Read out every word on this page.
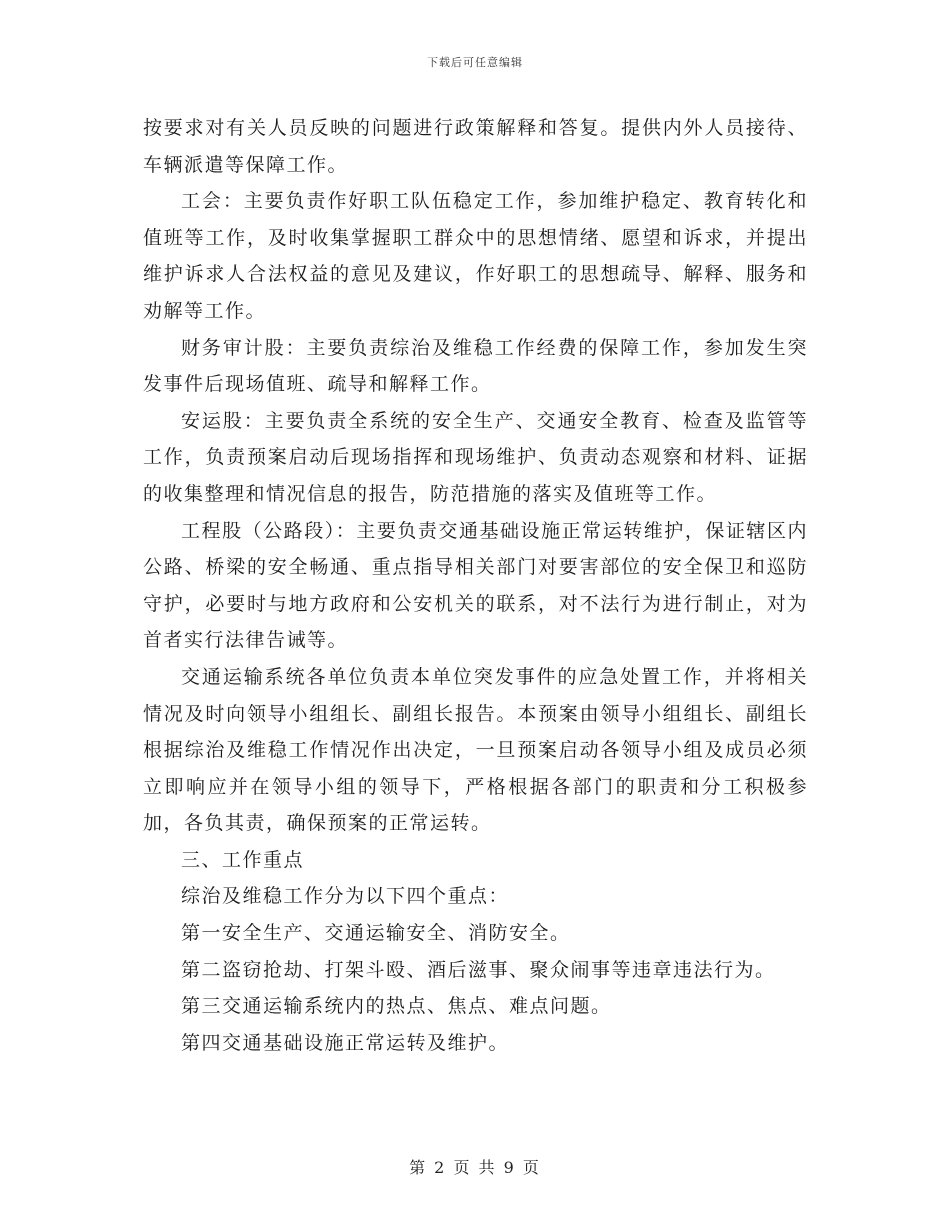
下载后可任意编辑

按要求对有关人员反映的问题进行政策解释和答复。提供内外人员接待、车辆派遣等保障工作。

工会：主要负责作好职工队伍稳定工作，参加维护稳定、教育转化和值班等工作，及时收集掌握职工群众中的思想情绪、愿望和诉求，并提出维护诉求人合法权益的意见及建议，作好职工的思想疏导、解释、服务和劝解等工作。

财务审计股：主要负责综治及维稳工作经费的保障工作，参加发生突发事件后现场值班、疏导和解释工作。

安运股：主要负责全系统的安全生产、交通安全教育、检查及监管等工作，负责预案启动后现场指挥和现场维护、负责动态观察和材料、证据的收集整理和情况信息的报告，防范措施的落实及值班等工作。

工程股（公路段）：主要负责交通基础设施正常运转维护，保证辖区内公路、桥梁的安全畅通、重点指导相关部门对要害部位的安全保卫和巡防守护，必要时与地方政府和公安机关的联系，对不法行为进行制止，对为首者实行法律告诫等。

交通运输系统各单位负责本单位突发事件的应急处置工作，并将相关情况及时向领导小组组长、副组长报告。本预案由领导小组组长、副组长根据综治及维稳工作情况作出决定，一旦预案启动各领导小组及成员必须立即响应并在领导小组的领导下，严格根据各部门的职责和分工积极参加，各负其责，确保预案的正常运转。

三、工作重点

综治及维稳工作分为以下四个重点：

第一安全生产、交通运输安全、消防安全。

第二盗窃抢劫、打架斗殴、酒后滋事、聚众闹事等违章违法行为。

第三交通运输系统内的热点、焦点、难点问题。

第四交通基础设施正常运转及维护。

第 2 页 共 9 页
